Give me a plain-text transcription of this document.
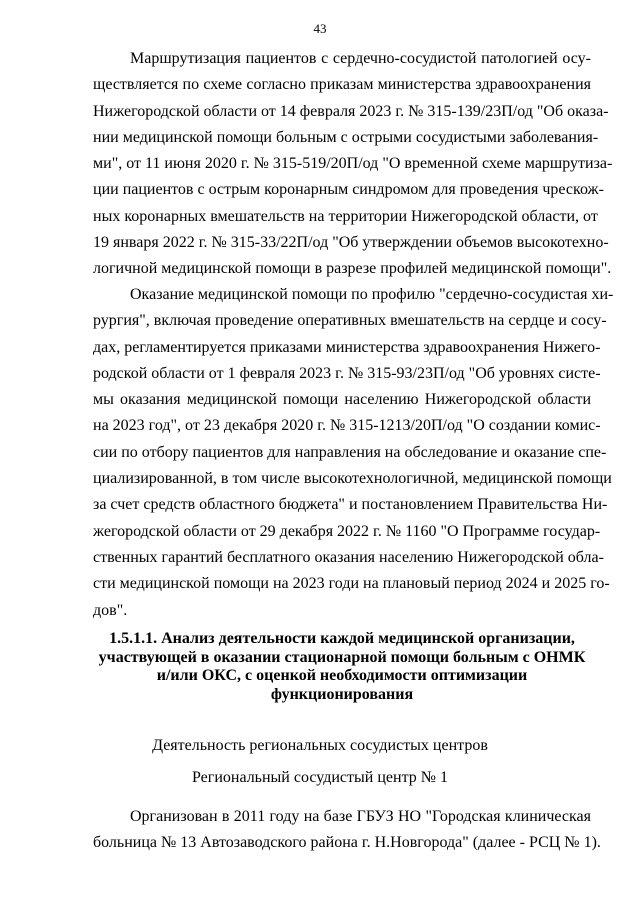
43
Маршрутизация пациентов с сердечно-сосудистой патологией осу-
ществляется по схеме согласно приказам министерства здравоохранения
Нижегородской области от 14 февраля 2023 г. № 315-139/23П/од "Об оказа-
нии медицинской помощи больным с острыми сосудистыми заболевания-
ми", от 11 июня 2020 г. № 315-519/20П/од "О временной схеме маршрутиза-
ции пациентов с острым коронарным синдромом для проведения чрескож-
ных коронарных вмешательств на территории Нижегородской области, от
19 января 2022 г. № 315-33/22П/од "Об утверждении объемов высокотехно-
логичной медицинской помощи в разрезе профилей медицинской помощи".
Оказание медицинской помощи по профилю "сердечно-сосудистая хи-
рургия", включая проведение оперативных вмешательств на сердце и сосу-
дах, регламентируется приказами министерства здравоохранения Нижего-
родской области от 1 февраля 2023 г. № 315-93/23П/од "Об уровнях систе-
мы оказания медицинской помощи населению Нижегородской области
на 2023 год", от 23 декабря 2020 г. № 315-1213/20П/од "О создании комис-
сии по отбору пациентов для направления на обследование и оказание спе-
циализированной, в том числе высокотехнологичной, медицинской помощи
за счет средств областного бюджета" и постановлением Правительства Ни-
жегородской области от 29 декабря 2022 г. № 1160 "О Программе государ-
ственных гарантий бесплатного оказания населению Нижегородской обла-
сти медицинской помощи на 2023 годи на плановый период 2024 и 2025 го-
дов".
1.5.1.1. Анализ деятельности каждой медицинской организации,
участвующей в оказании стационарной помощи больным с ОНМК
и/или ОКС, с оценкой необходимости оптимизации
функционирования
Деятельность региональных сосудистых центров
Региональный сосудистый центр № 1
Организован в 2011 году на базе ГБУЗ НО "Городская клиническая
больница № 13 Автозаводского района г. Н.Новгорода" (далее - РСЦ № 1).
